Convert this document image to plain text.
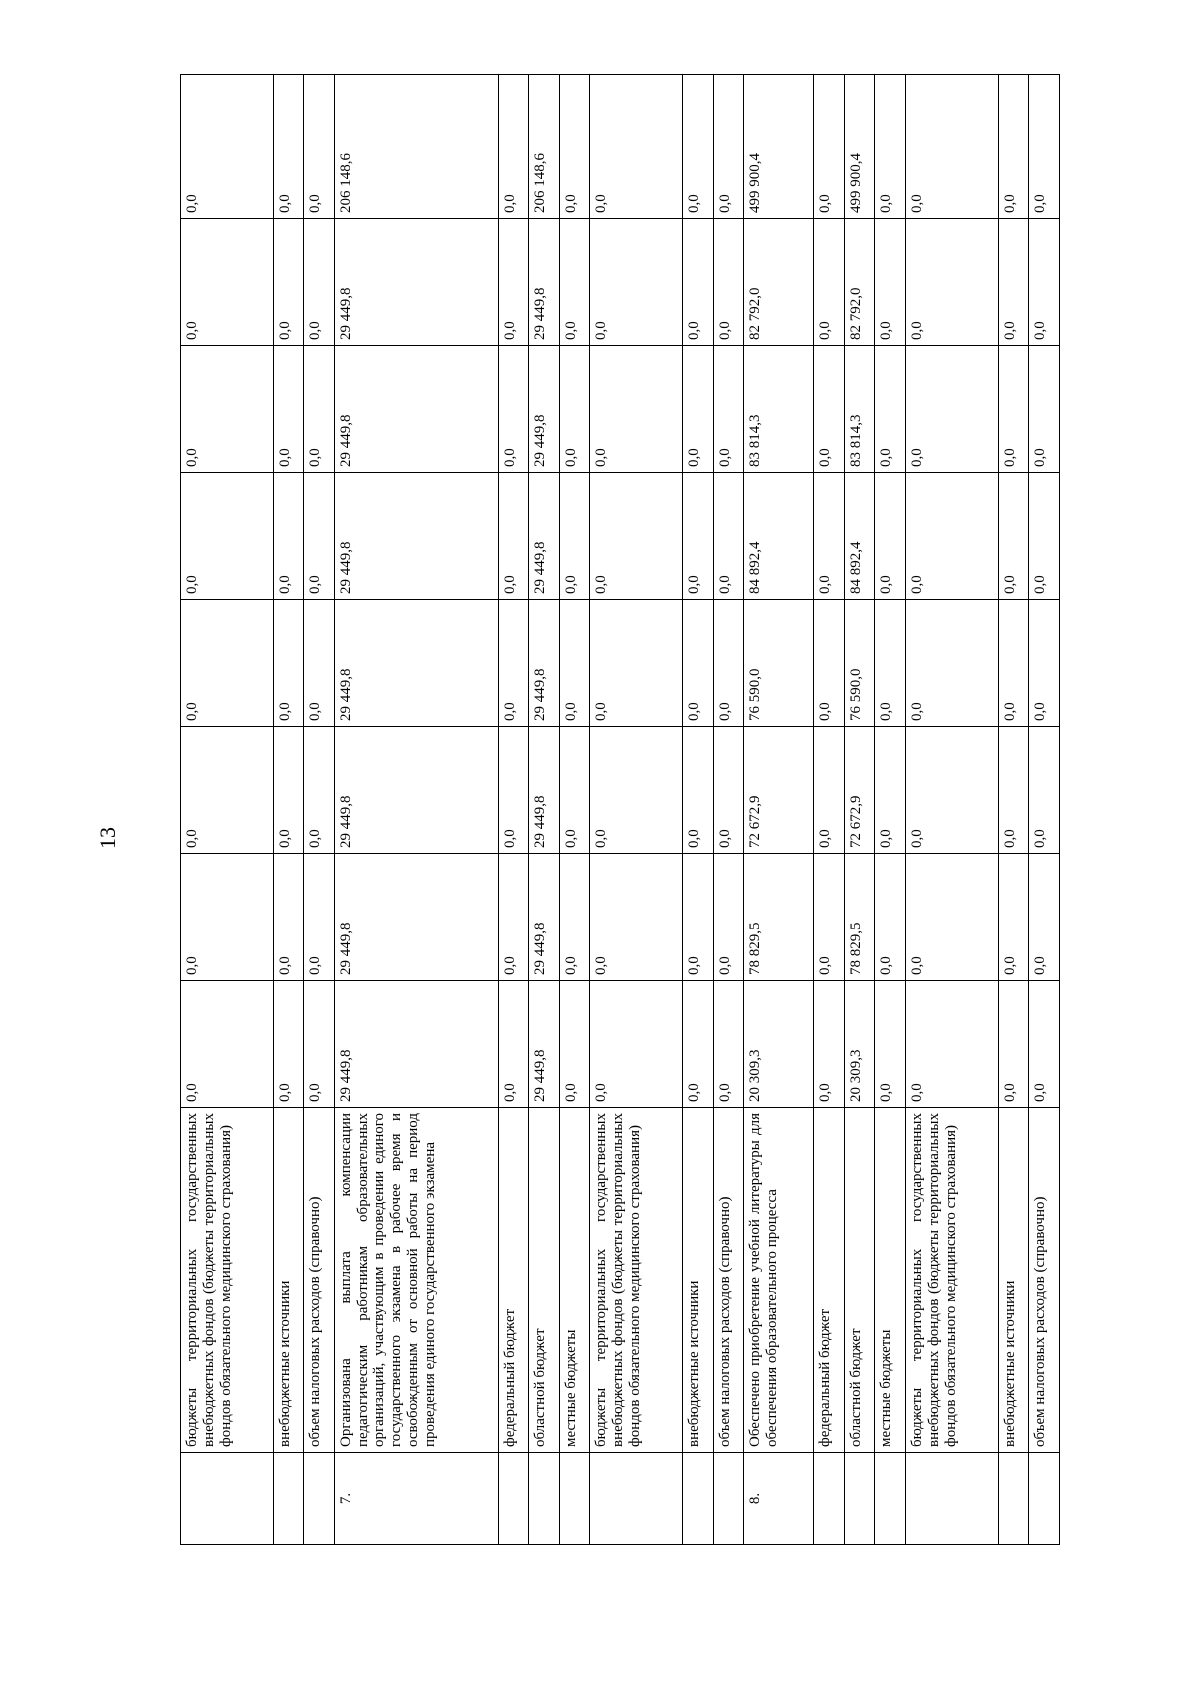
13
	бюджеты территориальных государственных внебюджетных фондов (бюджеты территориальных фондов обязательного медицинского страхования)	0,0	0,0	0,0	0,0	0,0	0,0	0,0	0,0
	внебюджетные источники	0,0	0,0	0,0	0,0	0,0	0,0	0,0	0,0
	объем налоговых расходов (справочно)	0,0	0,0	0,0	0,0	0,0	0,0	0,0	0,0
7.	Организована выплата компенсации педагогическим работникам образовательных организаций, участвующим в проведении единого государственного экзамена в рабочее время и освобожденным от основной работы на период проведения единого государственного экзамена	29 449,8	29 449,8	29 449,8	29 449,8	29 449,8	29 449,8	29 449,8	206 148,6
	федеральный бюджет	0,0	0,0	0,0	0,0	0,0	0,0	0,0	0,0
	областной бюджет	29 449,8	29 449,8	29 449,8	29 449,8	29 449,8	29 449,8	29 449,8	206 148,6
	местные бюджеты	0,0	0,0	0,0	0,0	0,0	0,0	0,0	0,0
	бюджеты территориальных государственных внебюджетных фондов (бюджеты территориальных фондов обязательного медицинского страхования)	0,0	0,0	0,0	0,0	0,0	0,0	0,0	0,0
	внебюджетные источники	0,0	0,0	0,0	0,0	0,0	0,0	0,0	0,0
	объем налоговых расходов (справочно)	0,0	0,0	0,0	0,0	0,0	0,0	0,0	0,0
8.	Обеспечено приобретение учебной литературы для обеспечения образовательного процесса	20 309,3	78 829,5	72 672,9	76 590,0	84 892,4	83 814,3	82 792,0	499 900,4
	федеральный бюджет	0,0	0,0	0,0	0,0	0,0	0,0	0,0	0,0
	областной бюджет	20 309,3	78 829,5	72 672,9	76 590,0	84 892,4	83 814,3	82 792,0	499 900,4
	местные бюджеты	0,0	0,0	0,0	0,0	0,0	0,0	0,0	0,0
	бюджеты территориальных государственных внебюджетных фондов (бюджеты территориальных фондов обязательного медицинского страхования)	0,0	0,0	0,0	0,0	0,0	0,0	0,0	0,0
	внебюджетные источники	0,0	0,0	0,0	0,0	0,0	0,0	0,0	0,0
	объем налоговых расходов (справочно)	0,0	0,0	0,0	0,0	0,0	0,0	0,0	0,0
